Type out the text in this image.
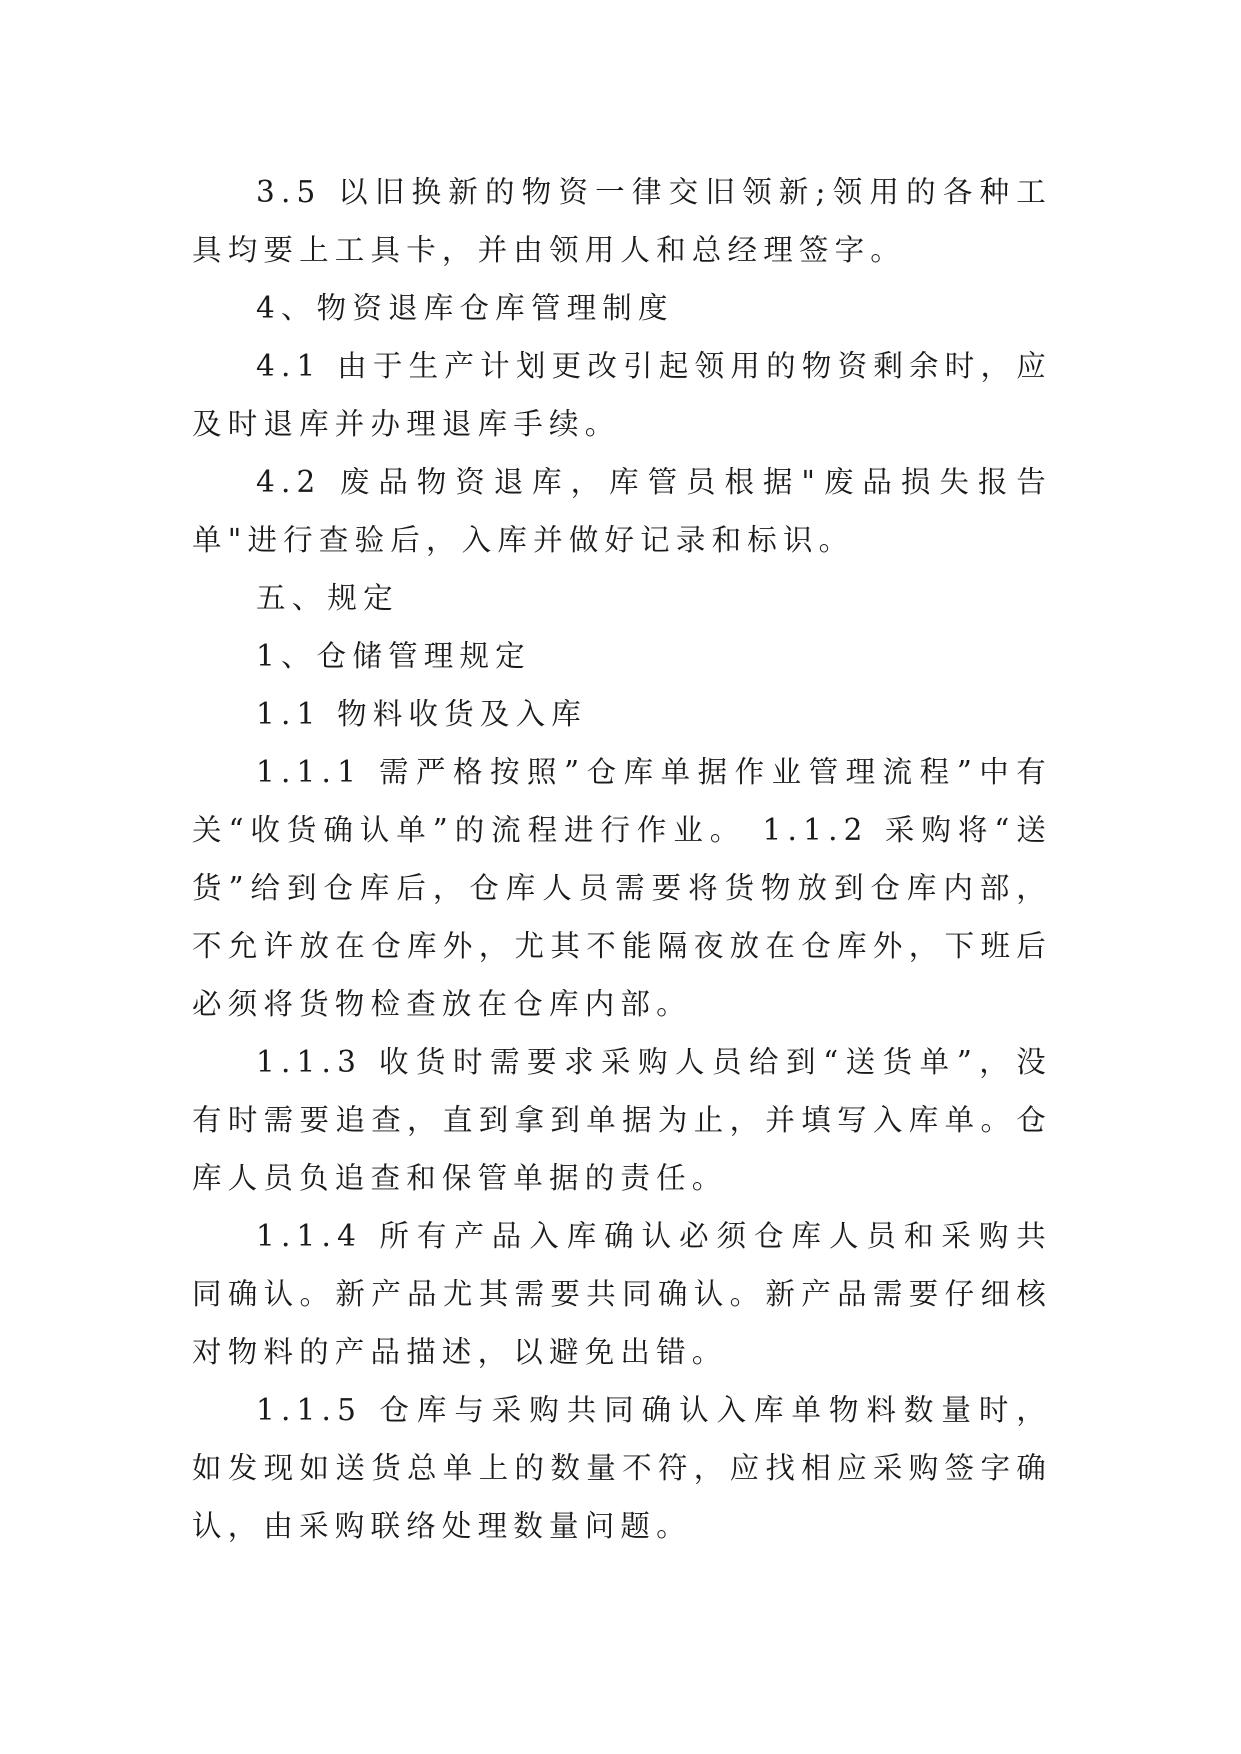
3.5 以旧换新的物资一律交旧领新;领用的各种工具均要上工具卡，并由领用人和总经理签字。

4、物资退库仓库管理制度

4.1 由于生产计划更改引起领用的物资剩余时，应及时退库并办理退库手续。

4.2 废品物资退库，库管员根据"废品损失报告单"进行查验后，入库并做好记录和标识。

五、规定

1、仓储管理规定

1.1 物料收货及入库

1.1.1 需严格按照”仓库单据作业管理流程”中有关“收货确认单”的流程进行作业。 1.1.2 采购将“送货”给到仓库后，仓库人员需要将货物放到仓库内部，不允许放在仓库外，尤其不能隔夜放在仓库外，下班后必须将货物检查放在仓库内部。

1.1.3 收货时需要求采购人员给到“送货单”，没有时需要追查，直到拿到单据为止，并填写入库单。仓库人员负追查和保管单据的责任。

1.1.4 所有产品入库确认必须仓库人员和采购共同确认。新产品尤其需要共同确认。新产品需要仔细核对物料的产品描述，以避免出错。

1.1.5 仓库与采购共同确认入库单物料数量时，如发现如送货总单上的数量不符，应找相应采购签字确认，由采购联络处理数量问题。
